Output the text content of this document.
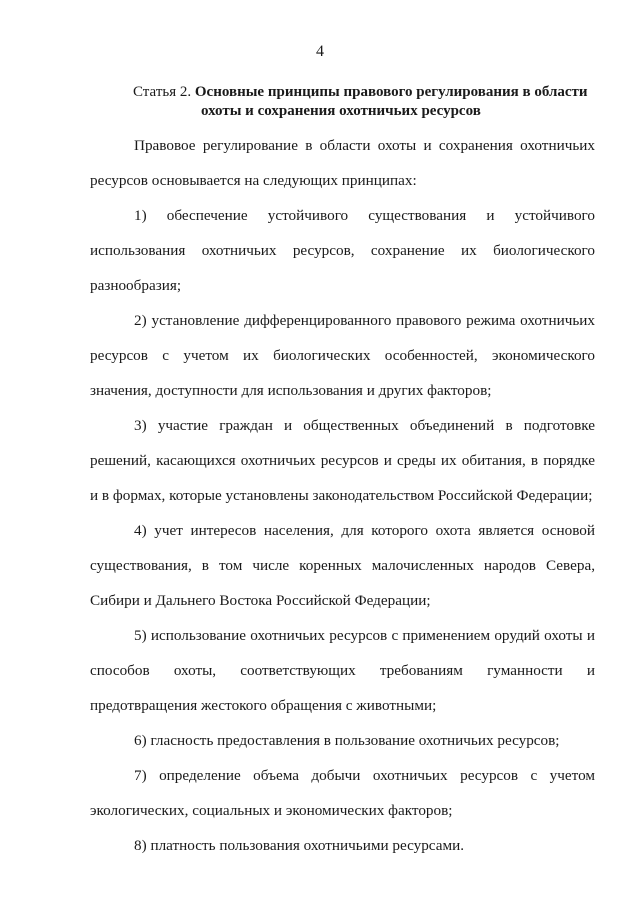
4
Статья 2. Основные принципы правового регулирования в области
охоты и сохранения охотничьих ресурсов

Правовое регулирование в области охоты и сохранения охотничьих ресурсов основывается на следующих принципах:

1) обеспечение устойчивого существования и устойчивого использования охотничьих ресурсов, сохранение их биологического разнообразия;

2) установление дифференцированного правового режима охотничьих ресурсов с учетом их биологических особенностей, экономического значения, доступности для использования и других факторов;

3) участие граждан и общественных объединений в подготовке решений, касающихся охотничьих ресурсов и среды их обитания, в порядке и в формах, которые установлены законодательством Российской Федерации;

4) учет интересов населения, для которого охота является основой существования, в том числе коренных малочисленных народов Севера, Сибири и Дальнего Востока Российской Федерации;

5) использование охотничьих ресурсов с применением орудий охоты и способов охоты, соответствующих требованиям гуманности и предотвращения жестокого обращения с животными;

6) гласность предоставления в пользование охотничьих ресурсов;

7) определение объема добычи охотничьих ресурсов с учетом экологических, социальных и экономических факторов;

8) платность пользования охотничьими ресурсами.
